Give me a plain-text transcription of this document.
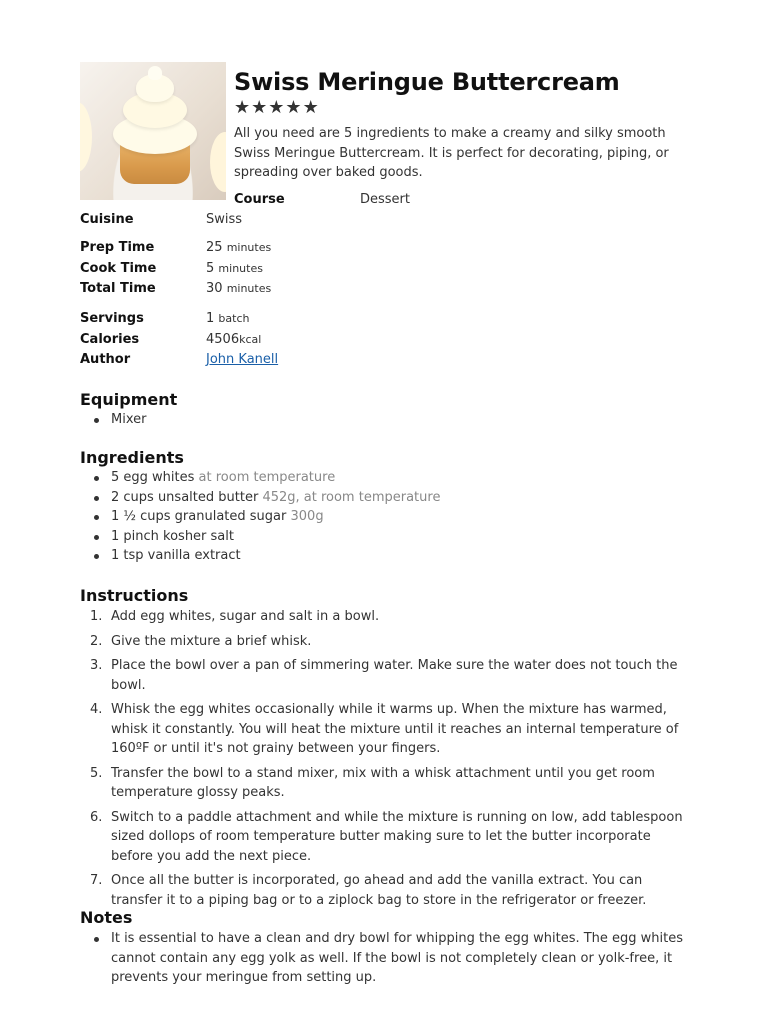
Swiss Meringue Buttercream
★ ★ ★ ★ ★
All you need are 5 ingredients to make a creamy and silky smooth Swiss Meringue Buttercream. It is perfect for decorating, piping, or spreading over baked goods.
Course	Dessert
Cuisine	Swiss
Prep Time	25 minutes
Cook Time	5 minutes
Total Time	30 minutes
Servings	1 batch
Calories	4506kcal
Author	John Kanell
Equipment
Mixer
Ingredients
5 egg whites at room temperature
2 cups unsalted butter 452g, at room temperature
1 ½ cups granulated sugar 300g
1 pinch kosher salt
1 tsp vanilla extract
Instructions
1. Add egg whites, sugar and salt in a bowl.
2. Give the mixture a brief whisk.
3. Place the bowl over a pan of simmering water. Make sure the water does not touch the bowl.
4. Whisk the egg whites occasionally while it warms up. When the mixture has warmed, whisk it constantly. You will heat the mixture until it reaches an internal temperature of 160ºF or until it's not grainy between your fingers.
5. Transfer the bowl to a stand mixer, mix with a whisk attachment until you get room temperature glossy peaks.
6. Switch to a paddle attachment and while the mixture is running on low, add tablespoon sized dollops of room temperature butter making sure to let the butter incorporate before you add the next piece.
7. Once all the butter is incorporated, go ahead and add the vanilla extract. You can transfer it to a piping bag or to a ziplock bag to store in the refrigerator or freezer.
Notes
It is essential to have a clean and dry bowl for whipping the egg whites. The egg whites cannot contain any egg yolk as well. If the bowl is not completely clean or yolk-free, it prevents your meringue from setting up.
